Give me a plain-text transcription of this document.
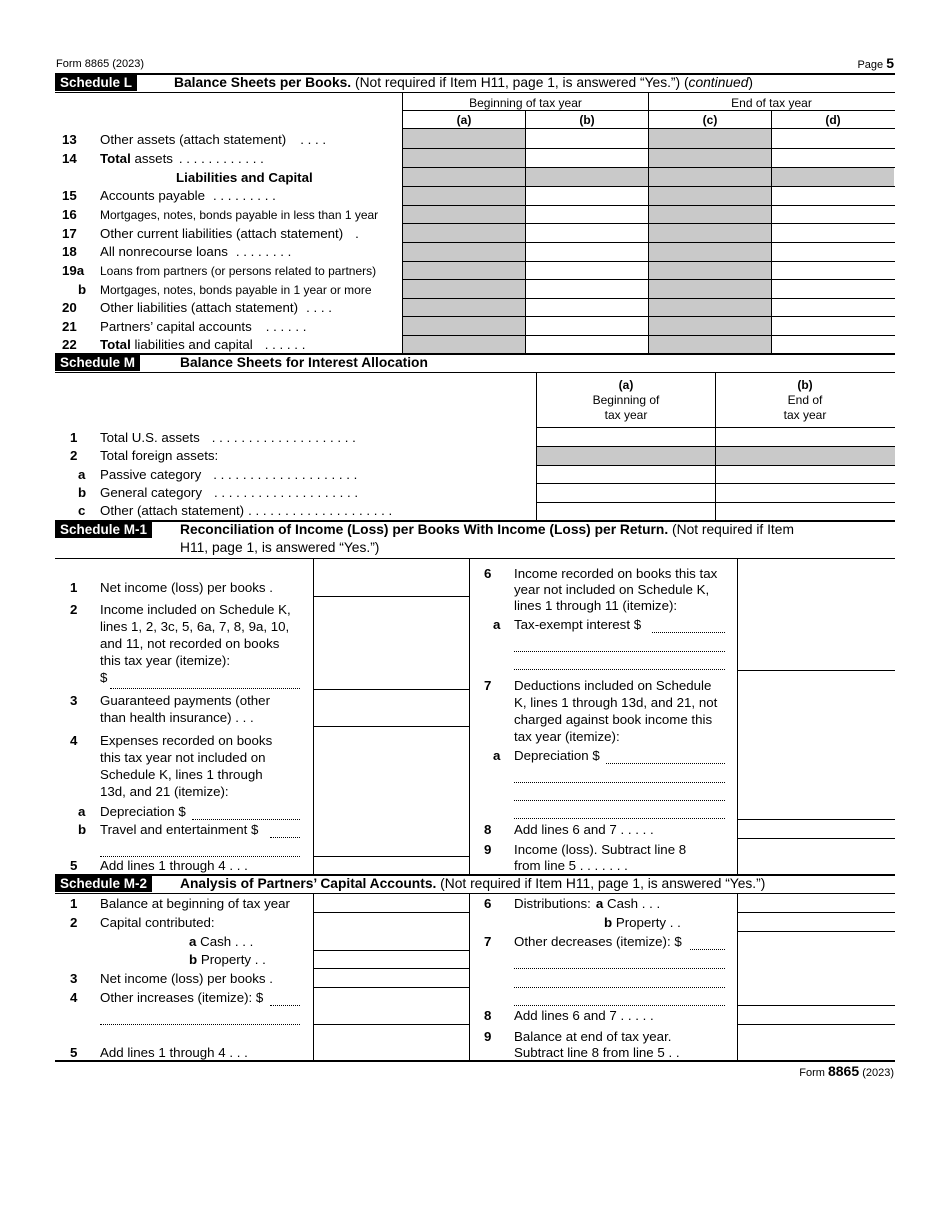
Form 8865 (2023)	Page 5
Schedule L	Balance Sheets per Books. (Not required if Item H11, page 1, is answered “Yes.”) (continued)
Beginning of tax year	End of tax year
(a)	(b)	(c)	(d)
13 Other assets (attach statement) . . . .
14 Total assets . . . . . . . . . . . .
Liabilities and Capital
15 Accounts payable . . . . . . . . .
16 Mortgages, notes, bonds payable in less than 1 year
17 Other current liabilities (attach statement) .
18 All nonrecourse loans . . . . . . . .
19a Loans from partners (or persons related to partners)
b Mortgages, notes, bonds payable in 1 year or more
20 Other liabilities (attach statement) . . . .
21 Partners’ capital accounts . . . . . .
22 Total liabilities and capital . . . . . .
Schedule M	Balance Sheets for Interest Allocation
(a)
Beginning of
tax year
(b)
End of
tax year
1 Total U.S. assets . . . . . . . . . . . . . . . . . . . .
2 Total foreign assets:
a Passive category . . . . . . . . . . . . . . . . . . . .
b General category . . . . . . . . . . . . . . . . . . . .
c Other (attach statement) . . . . . . . . . . . . . . . . . . . .
Schedule M-1	Reconciliation of Income (Loss) per Books With Income (Loss) per Return. (Not required if Item
H11, page 1, is answered “Yes.”)
1 Net income (loss) per books .
2 Income included on Schedule K,
lines 1, 2, 3c, 5, 6a, 7, 8, 9a, 10,
and 11, not recorded on books
this tax year (itemize):
$
3 Guaranteed payments (other
than health insurance) . . .
4 Expenses recorded on books
this tax year not included on
Schedule K, lines 1 through
13d, and 21 (itemize):
a Depreciation $
b Travel and entertainment $
5 Add lines 1 through 4 . . .
6 Income recorded on books this tax
year not included on Schedule K,
lines 1 through 11 (itemize):
a Tax-exempt interest $
7 Deductions included on Schedule
K, lines 1 through 13d, and 21, not
charged against book income this
tax year (itemize):
a Depreciation $
8 Add lines 6 and 7 . . . . .
9 Income (loss). Subtract line 8
from line 5 . . . . . . .
Schedule M-2	Analysis of Partners’ Capital Accounts. (Not required if Item H11, page 1, is answered “Yes.”)
1 Balance at beginning of tax year
2 Capital contributed:
a Cash . . .
b Property . .
3 Net income (loss) per books .
4 Other increases (itemize): $
5 Add lines 1 through 4 . . .
6 Distributions: a Cash . . .
b Property . .
7 Other decreases (itemize): $
8 Add lines 6 and 7 . . . . .
9 Balance at end of tax year.
Subtract line 8 from line 5 . .
Form 8865 (2023)
